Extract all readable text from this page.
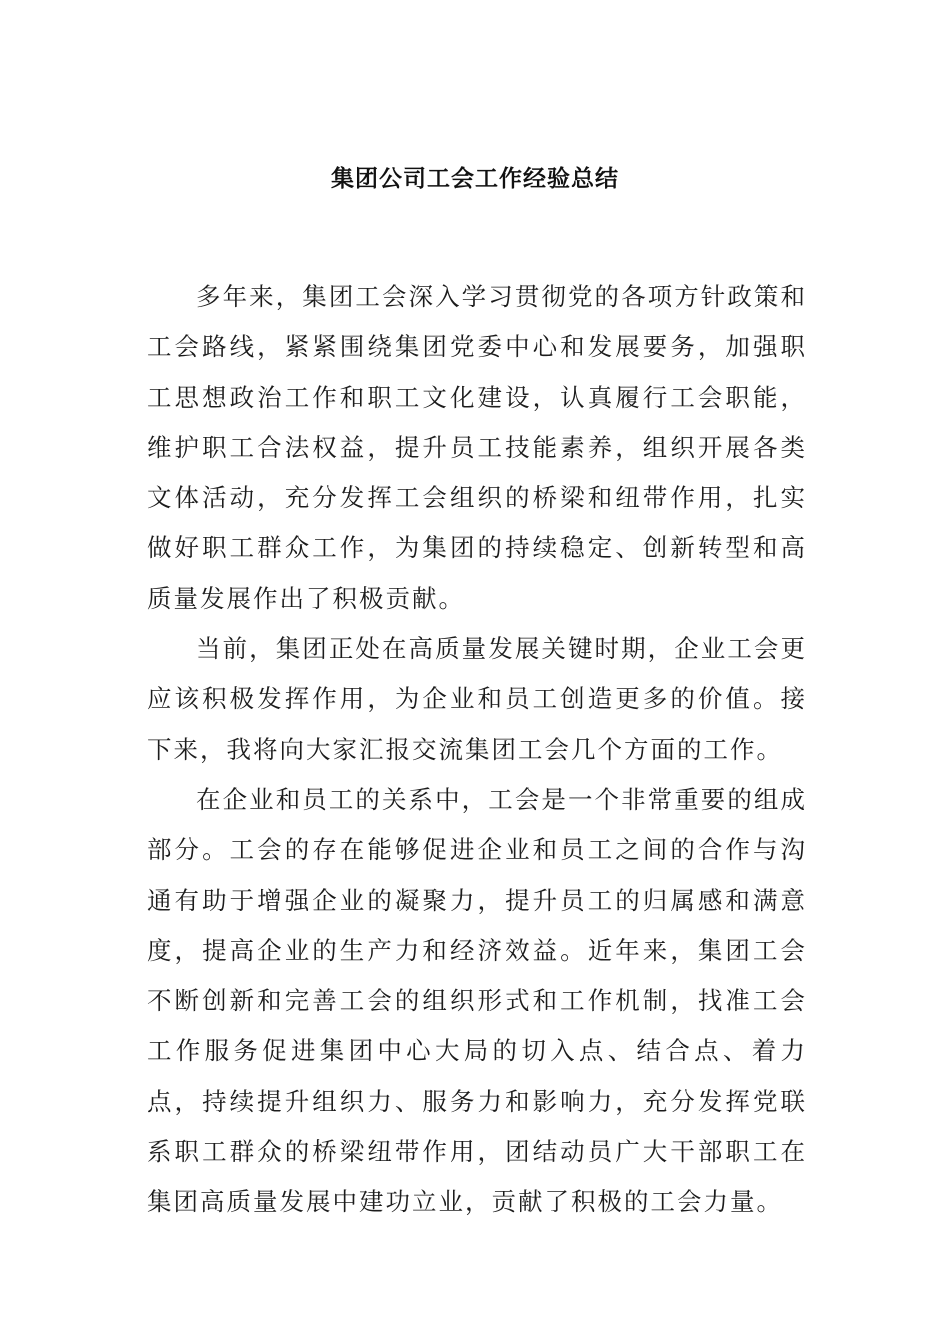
集团公司工会工作经验总结

多年来，集团工会深入学习贯彻党的各项方针政策和工会路线，紧紧围绕集团党委中心和发展要务，加强职工思想政治工作和职工文化建设，认真履行工会职能，维护职工合法权益，提升员工技能素养，组织开展各类文体活动，充分发挥工会组织的桥梁和纽带作用，扎实做好职工群众工作，为集团的持续稳定、创新转型和高质量发展作出了积极贡献。

当前，集团正处在高质量发展关键时期，企业工会更应该积极发挥作用，为企业和员工创造更多的价值。接下来，我将向大家汇报交流集团工会几个方面的工作。

在企业和员工的关系中，工会是一个非常重要的组成部分。工会的存在能够促进企业和员工之间的合作与沟通有助于增强企业的凝聚力，提升员工的归属感和满意度，提高企业的生产力和经济效益。近年来，集团工会不断创新和完善工会的组织形式和工作机制，找准工会工作服务促进集团中心大局的切入点、结合点、着力点，持续提升组织力、服务力和影响力，充分发挥党联系职工群众的桥梁纽带作用，团结动员广大干部职工在集团高质量发展中建功立业，贡献了积极的工会力量。
